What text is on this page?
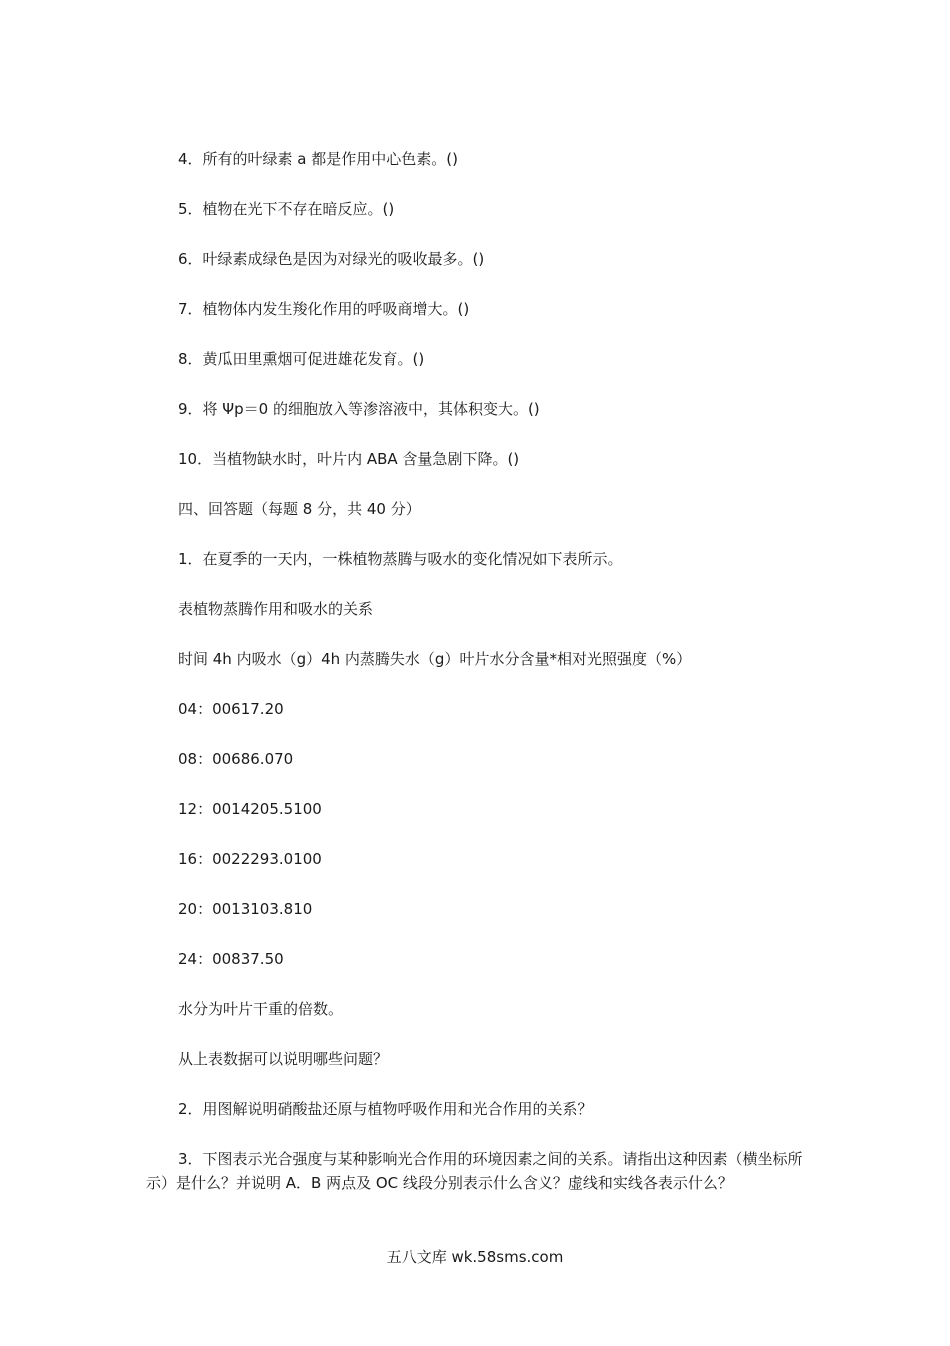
4．所有的叶绿素 a 都是作用中心色素。()
5．植物在光下不存在暗反应。()
6．叶绿素成绿色是因为对绿光的吸收最多。()
7．植物体内发生羧化作用的呼吸商增大。()
8．黄瓜田里熏烟可促进雄花发育。()
9．将 Ψp＝0 的细胞放入等渗溶液中，其体积变大。()
10．当植物缺水时，叶片内 ABA 含量急剧下降。()
四、回答题（每题 8 分，共 40 分）
1．在夏季的一天内，一株植物蒸腾与吸水的变化情况如下表所示。
表植物蒸腾作用和吸水的关系
时间 4h 内吸水（g）4h 内蒸腾失水（g）叶片水分含量*相对光照强度（%）
04：00617.20
08：00686.070
12：0014205.5100
16：0022293.0100
20：0013103.810
24：00837.50
水分为叶片干重的倍数。
从上表数据可以说明哪些问题？
2．用图解说明硝酸盐还原与植物呼吸作用和光合作用的关系？
3．下图表示光合强度与某种影响光合作用的环境因素之间的关系。请指出这种因素（横坐标所示）是什么？并说明 A．B 两点及 OC 线段分别表示什么含义？虚线和实线各表示什么？
五八文库 wk.58sms.com
